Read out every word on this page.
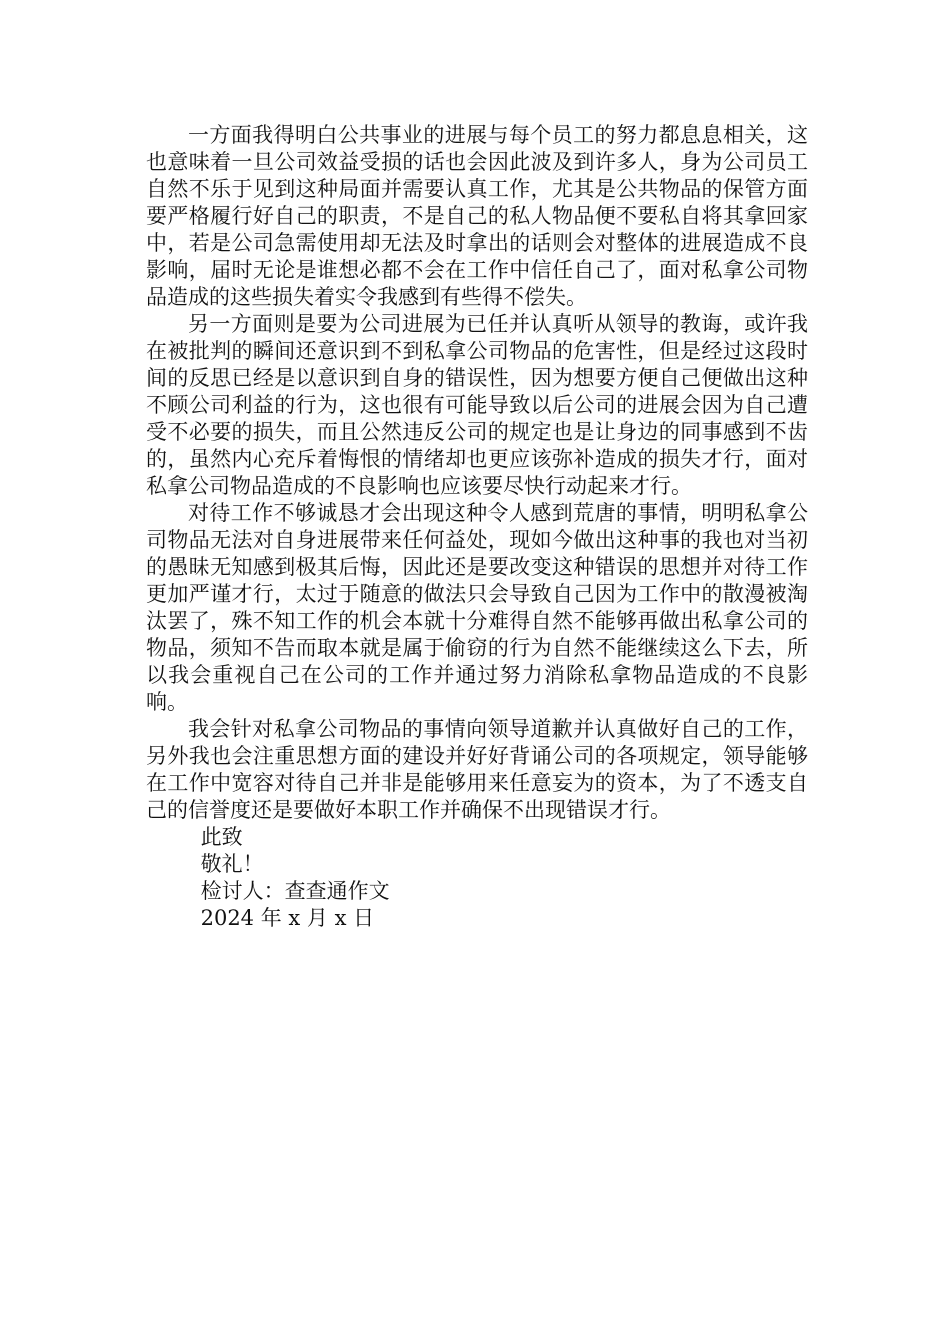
一方面我得明白公共事业的进展与每个员工的努力都息息相关，这也意味着一旦公司效益受损的话也会因此波及到许多人，身为公司员工自然不乐于见到这种局面并需要认真工作，尤其是公共物品的保管方面要严格履行好自己的职责，不是自己的私人物品便不要私自将其拿回家中，若是公司急需使用却无法及时拿出的话则会对整体的进展造成不良影响，届时无论是谁想必都不会在工作中信任自己了，面对私拿公司物品造成的这些损失着实令我感到有些得不偿失。

另一方面则是要为公司进展为已任并认真听从领导的教诲，或许我在被批判的瞬间还意识到不到私拿公司物品的危害性，但是经过这段时间的反思已经是以意识到自身的错误性，因为想要方便自己便做出这种不顾公司利益的行为，这也很有可能导致以后公司的进展会因为自己遭受不必要的损失，而且公然违反公司的规定也是让身边的同事感到不齿的，虽然内心充斥着悔恨的情绪却也更应该弥补造成的损失才行，面对私拿公司物品造成的不良影响也应该要尽快行动起来才行。

对待工作不够诚恳才会出现这种令人感到荒唐的事情，明明私拿公司物品无法对自身进展带来任何益处，现如今做出这种事的我也对当初的愚昧无知感到极其后悔，因此还是要改变这种错误的思想并对待工作更加严谨才行，太过于随意的做法只会导致自己因为工作中的散漫被淘汰罢了，殊不知工作的机会本就十分难得自然不能够再做出私拿公司的物品，须知不告而取本就是属于偷窃的行为自然不能继续这么下去，所以我会重视自己在公司的工作并通过努力消除私拿物品造成的不良影响。

我会针对私拿公司物品的事情向领导道歉并认真做好自己的工作，另外我也会注重思想方面的建设并好好背诵公司的各项规定，领导能够在工作中宽容对待自己并非是能够用来任意妄为的资本，为了不透支自己的信誉度还是要做好本职工作并确保不出现错误才行。

此致

敬礼！

检讨人：查查通作文

2024 年 x 月 x 日
